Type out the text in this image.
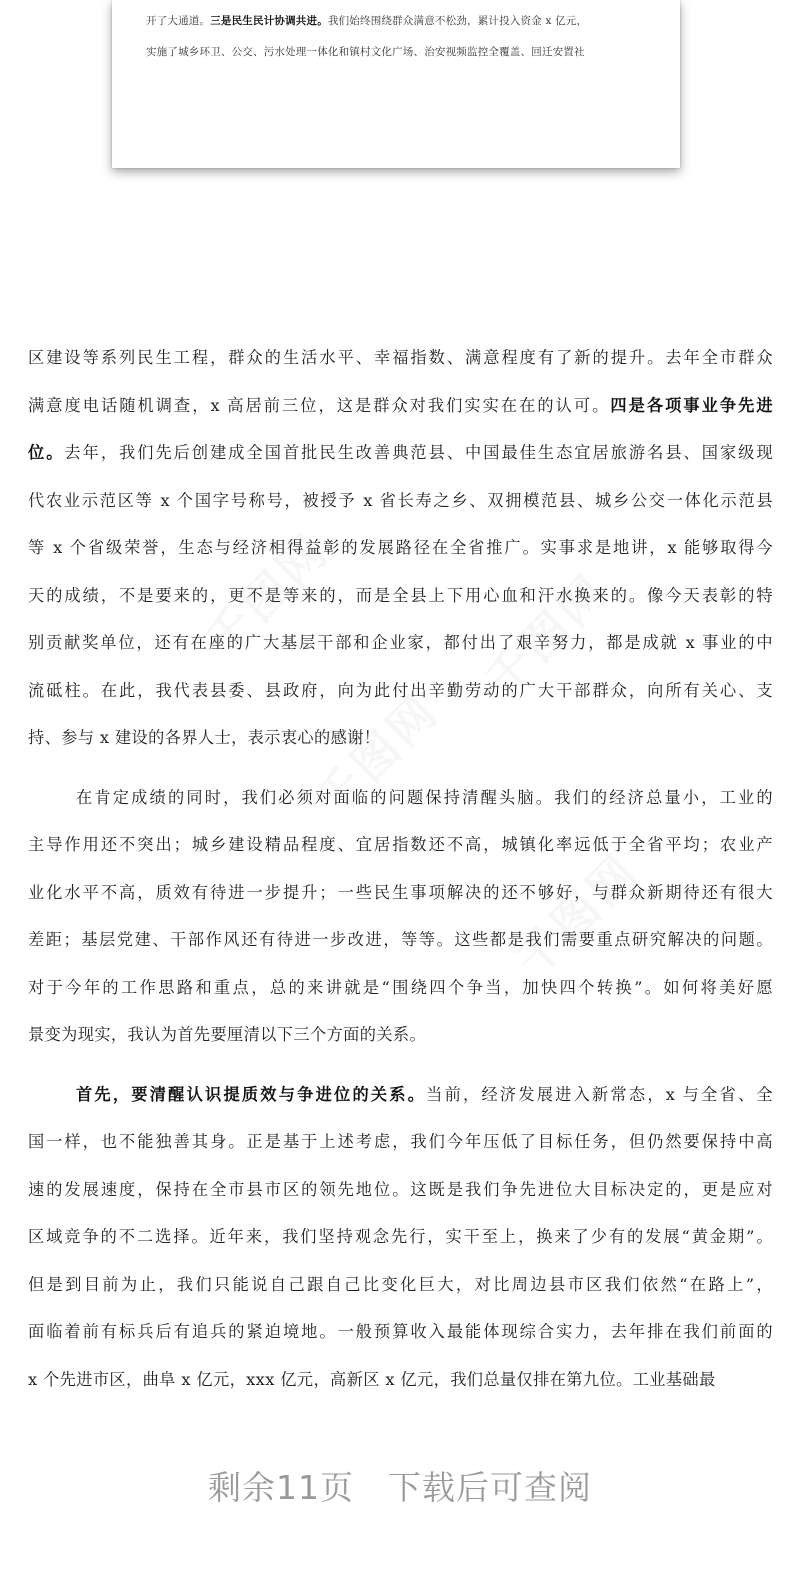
开了大通道。三是民生民计协调共进。我们始终围绕群众满意不松劲，累计投入资金 x 亿元，
实施了城乡环卫、公交、污水处理一体化和镇村文化广场、治安视频监控全覆盖、回迁安置社
区建设等系列民生工程，群众的生活水平、幸福指数、满意程度有了新的提升。去年全市群众
满意度电话随机调查，x 高居前三位，这是群众对我们实实在在的认可。四是各项事业争先进
位。去年，我们先后创建成全国首批民生改善典范县、中国最佳生态宜居旅游名县、国家级现
代农业示范区等 x 个国字号称号，被授予 x 省长寿之乡、双拥模范县、城乡公交一体化示范县
等 x 个省级荣誉，生态与经济相得益彰的发展路径在全省推广。实事求是地讲，x 能够取得今
天的成绩，不是要来的，更不是等来的，而是全县上下用心血和汗水换来的。像今天表彰的特
别贡献奖单位，还有在座的广大基层干部和企业家，都付出了艰辛努力，都是成就 x 事业的中
流砥柱。在此，我代表县委、县政府，向为此付出辛勤劳动的广大干部群众，向所有关心、支
持、参与 x 建设的各界人士，表示衷心的感谢！
在肯定成绩的同时，我们必须对面临的问题保持清醒头脑。我们的经济总量小，工业的
主导作用还不突出；城乡建设精品程度、宜居指数还不高，城镇化率远低于全省平均；农业产
业化水平不高，质效有待进一步提升；一些民生事项解决的还不够好，与群众新期待还有很大
差距；基层党建、干部作风还有待进一步改进，等等。这些都是我们需要重点研究解决的问题。
对于今年的工作思路和重点，总的来讲就是“围绕四个争当，加快四个转换”。如何将美好愿
景变为现实，我认为首先要厘清以下三个方面的关系。
首先，要清醒认识提质效与争进位的关系。当前，经济发展进入新常态，x 与全省、全
国一样，也不能独善其身。正是基于上述考虑，我们今年压低了目标任务，但仍然要保持中高
速的发展速度，保持在全市县市区的领先地位。这既是我们争先进位大目标决定的，更是应对
区域竞争的不二选择。近年来，我们坚持观念先行，实干至上，换来了少有的发展“黄金期”。
但是到目前为止，我们只能说自己跟自己比变化巨大，对比周边县市区我们依然“在路上”，
面临着前有标兵后有追兵的紧迫境地。一般预算收入最能体现综合实力，去年排在我们前面的
x 个先进市区，曲阜 x 亿元，xxx 亿元，高新区 x 亿元，我们总量仅排在第九位。工业基础最
剩余11页　下载后可查阅
